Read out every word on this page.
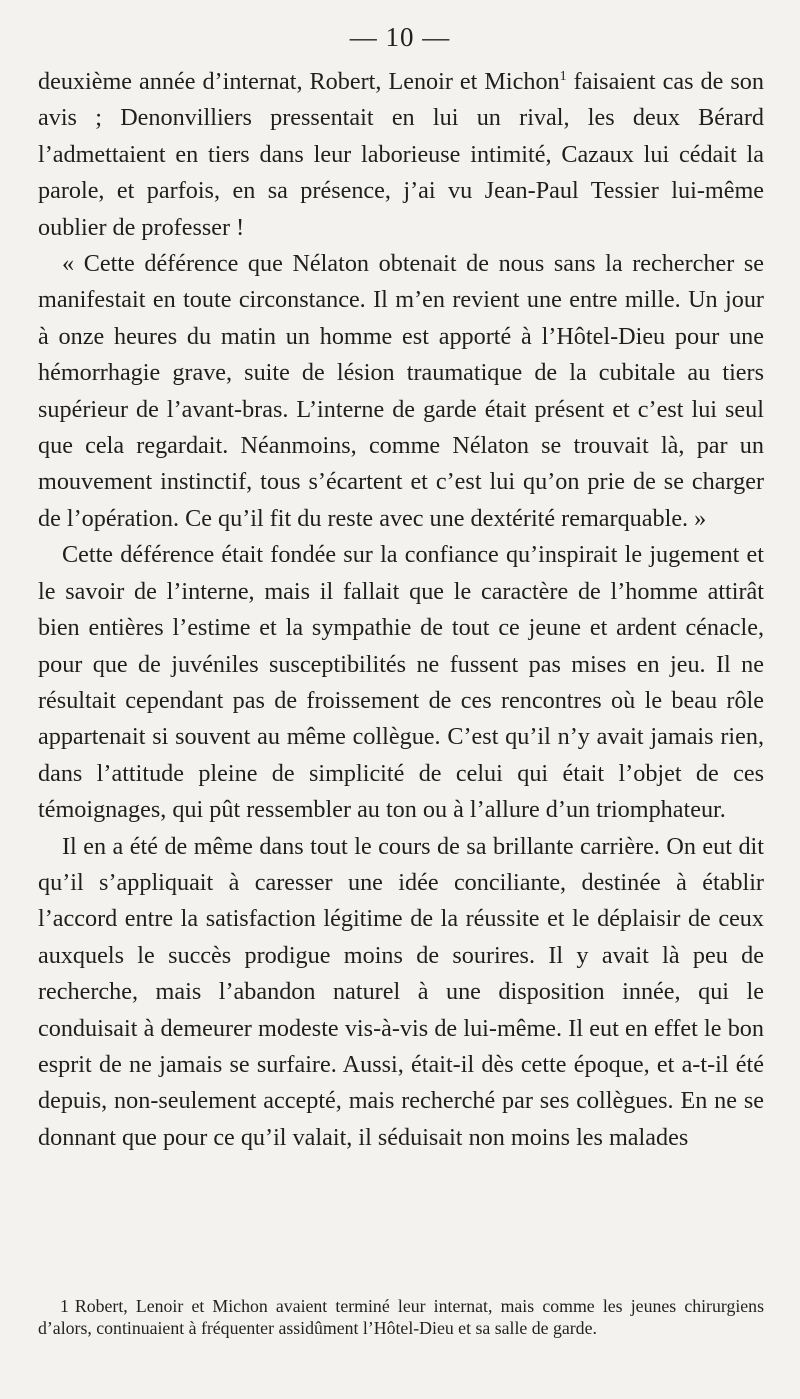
— 10 —

deuxième année d’internat, Robert, Lenoir et Michon$^1$ faisaient cas de son avis ; Denonvilliers pressentait en lui un rival, les deux Bérard l’admettaient en tiers dans leur laborieuse intimité, Cazaux lui cédait la parole, et parfois, en sa présence, j’ai vu Jean-Paul Tessier lui-même oublier de professer !

« Cette déférence que Nélaton obtenait de nous sans la rechercher se manifestait en toute circonstance. Il m’en revient une entre mille. Un jour à onze heures du matin un homme est apporté à l’Hôtel-Dieu pour une hémorrhagie grave, suite de lésion traumatique de la cubitale au tiers supérieur de l’avant-bras. L’interne de garde était présent et c’est lui seul que cela regardait. Néanmoins, comme Nélaton se trouvait là, par un mouvement instinctif, tous s’écartent et c’est lui qu’on prie de se charger de l’opération. Ce qu’il fit du reste avec une dextérité remarquable. »

Cette déférence était fondée sur la confiance qu’inspirait le jugement et le savoir de l’interne, mais il fallait que le caractère de l’homme attirât bien entières l’estime et la sympathie de tout ce jeune et ardent cénacle, pour que de juvéniles susceptibilités ne fussent pas mises en jeu. Il ne résultait cependant pas de froissement de ces rencontres où le beau rôle appartenait si souvent au même collègue. C’est qu’il n’y avait jamais rien, dans l’attitude pleine de simplicité de celui qui était l’objet de ces témoignages, qui pût ressembler au ton ou à l’allure d’un triomphateur.

Il en a été de même dans tout le cours de sa brillante carrière. On eut dit qu’il s’appliquait à caresser une idée conciliante, destinée à établir l’accord entre la satisfaction légitime de la réussite et le déplaisir de ceux auxquels le succès prodigue moins de sourires. Il y avait là peu de recherche, mais l’abandon naturel à une disposition innée, qui le conduisait à demeurer modeste vis-à-vis de lui-même. Il eut en effet le bon esprit de ne jamais se surfaire. Aussi, était-il dès cette époque, et a-t-il été depuis, non-seulement accepté, mais recherché par ses collègues. En ne se donnant que pour ce qu’il valait, il séduisait non moins les malades

1 Robert, Lenoir et Michon avaient terminé leur internat, mais comme les jeunes chirurgiens d’alors, continuaient à fréquenter assidûment l’Hôtel-Dieu et sa salle de garde.
